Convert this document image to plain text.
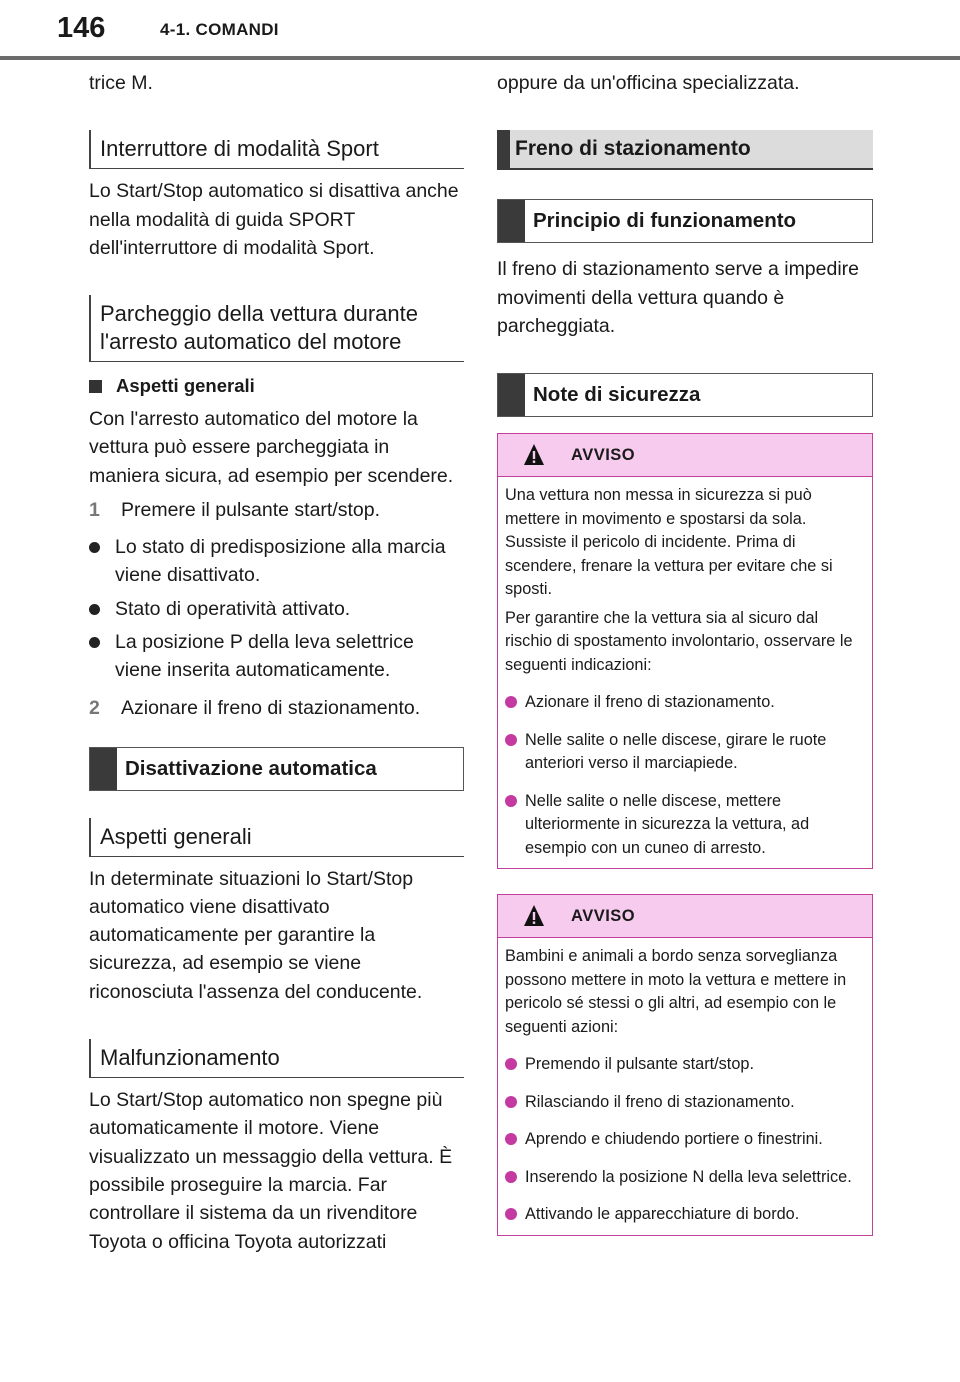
146	4-1. COMANDI

trice M.

Interruttore di modalità Sport

Lo Start/Stop automatico si disattiva anche nella modalità di guida SPORT dell'interruttore di modalità Sport.

Parcheggio della vettura durante
l'arresto automatico del motore
Aspetti generali

Con l'arresto automatico del motore la vettura può essere parcheggiata in maniera sicura, ad esempio per scendere.

1	Premere il pulsante start/stop.
Lo stato di predisposizione alla marcia viene disattivato.
Stato di operatività attivato.
La posizione P della leva selettrice viene inserita automaticamente.
2	Azionare il freno di stazionamento.
Disattivazione automatica
Aspetti generali

In determinate situazioni lo Start/Stop automatico viene disattivato automaticamente per garantire la sicurezza, ad esempio se viene riconosciuta l'assenza del conducente.

Malfunzionamento

Lo Start/Stop automatico non spegne più automaticamente il motore. Viene visualizzato un messaggio della vettura. È possibile proseguire la marcia. Far controllare il sistema da un rivenditore Toyota o officina Toyota autorizzati

oppure da un'officina specializzata.

Freno di stazionamento
Principio di funzionamento

Il freno di stazionamento serve a impedire movimenti della vettura quando è parcheggiata.

Note di sicurezza
AVVISO

Una vettura non messa in sicurezza si può mettere in movimento e spostarsi da sola. Sussiste il pericolo di incidente. Prima di scendere, frenare la vettura per evitare che si sposti.

Per garantire che la vettura sia al sicuro dal rischio di spostamento involontario, osservare le seguenti indicazioni:

Azionare il freno di stazionamento.
Nelle salite o nelle discese, girare le ruote anteriori verso il marciapiede.
Nelle salite o nelle discese, mettere ulteriormente in sicurezza la vettura, ad esempio con un cuneo di arresto.
AVVISO

Bambini e animali a bordo senza sorveglianza possono mettere in moto la vettura e mettere in pericolo sé stessi o gli altri, ad esempio con le seguenti azioni:

Premendo il pulsante start/stop.
Rilasciando il freno di stazionamento.
Aprendo e chiudendo portiere o finestrini.
Inserendo la posizione N della leva selettrice.
Attivando le apparecchiature di bordo.
